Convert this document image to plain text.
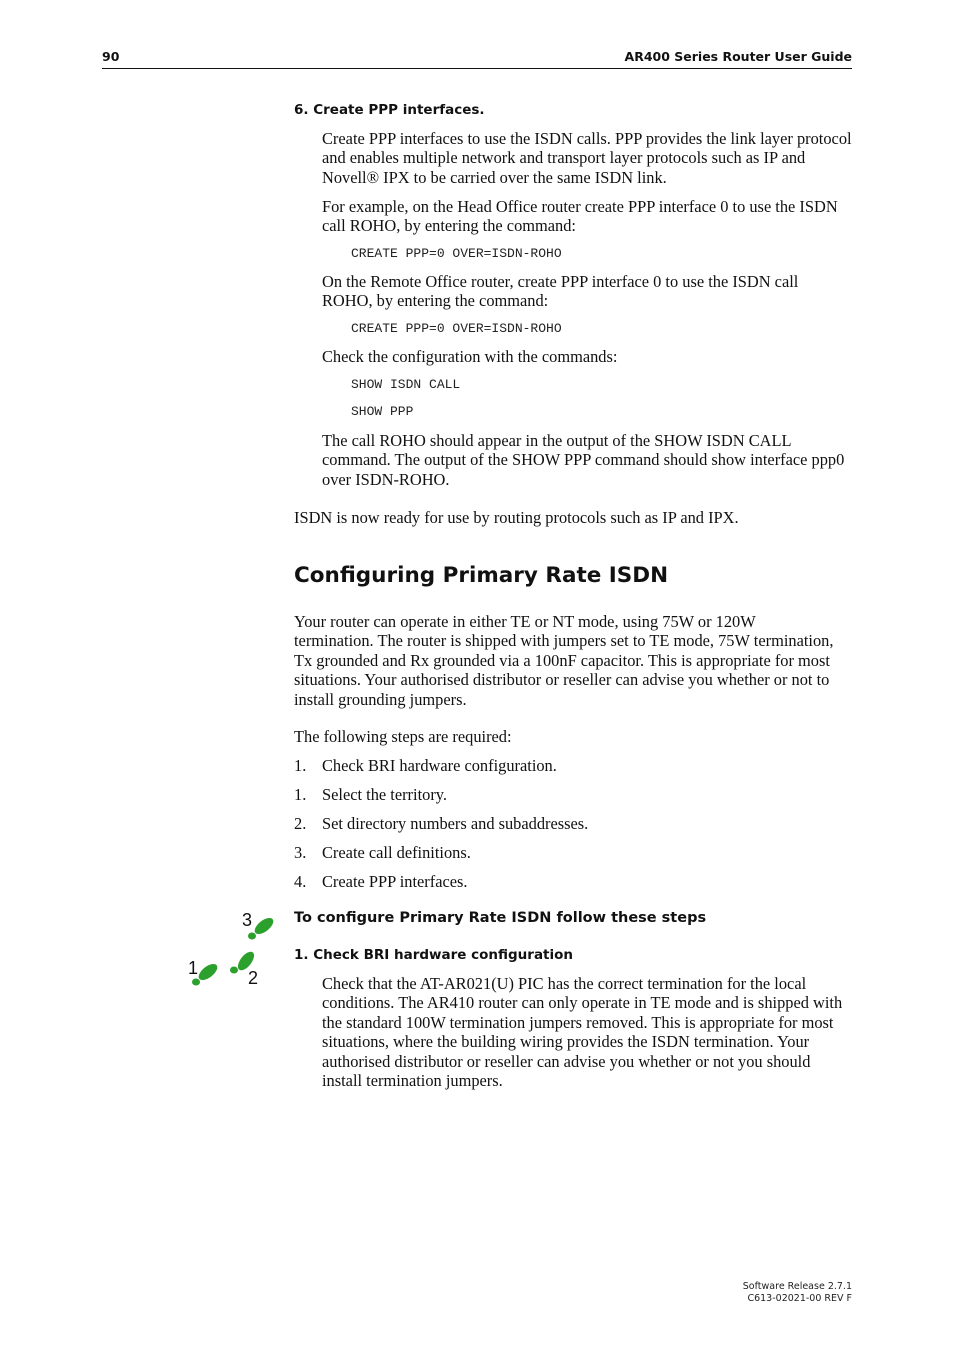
90	AR400 Series Router User Guide
6. Create PPP interfaces.
Create PPP interfaces to use the ISDN calls. PPP provides the link layer protocol and enables multiple network and transport layer protocols such as IP and Novell® IPX to be carried over the same ISDN link.
For example, on the Head Office router create PPP interface 0 to use the ISDN call ROHO, by entering the command:
CREATE PPP=0 OVER=ISDN-ROHO
On the Remote Office router, create PPP interface 0 to use the ISDN call ROHO, by entering the command:
CREATE PPP=0 OVER=ISDN-ROHO
Check the configuration with the commands:
SHOW ISDN CALL
SHOW PPP
The call ROHO should appear in the output of the SHOW ISDN CALL command. The output of the SHOW PPP command should show interface ppp0 over ISDN-ROHO.
ISDN is now ready for use by routing protocols such as IP and IPX.
Configuring Primary Rate ISDN
Your router can operate in either TE or NT mode, using 75W or 120W termination. The router is shipped with jumpers set to TE mode, 75W termination, Tx grounded and Rx grounded via a 100nF capacitor. This is appropriate for most situations. Your authorised distributor or reseller can advise you whether or not to install grounding jumpers.
The following steps are required:
1. Check BRI hardware configuration.
1. Select the territory.
2. Set directory numbers and subaddresses.
3. Create call definitions.
4. Create PPP interfaces.
3
2
1
To configure Primary Rate ISDN follow these steps
1. Check BRI hardware configuration
Check that the AT-AR021(U) PIC has the correct termination for the local conditions. The AR410 router can only operate in TE mode and is shipped with the standard 100W termination jumpers removed. This is appropriate for most situations, where the building wiring provides the ISDN termination. Your authorised distributor or reseller can advise you whether or not you should install termination jumpers.
Software Release 2.7.1
C613-02021-00 REV F
